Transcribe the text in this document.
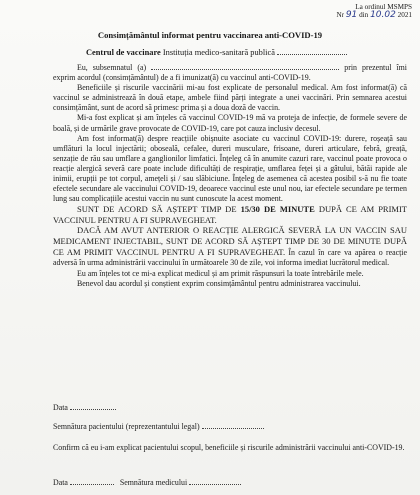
La ordinul MSMPS
Nr 91 din 10.02 2021
Consimțământul informat pentru vaccinarea anti-COVID-19
Centrul de vaccinare Instituția medico-sanitară publică

Eu, subsemnatul (a)	prin prezentul îmi exprim acordul (consimțământul) de a fi imunizat(ă) cu vaccinul anti-COVID-19.

Beneficiile și riscurile vaccinării mi-au fost explicate de personalul medical. Am fost informat(ă) că vaccinul se administrează în două etape, ambele fiind părți integrate a unei vaccinări. Prin semnarea acestui consimțământ, sunt de acord să primesc prima și a doua doză de vaccin.

Mi-a fost explicat și am înțeles că vaccinul COVID-19 mă va proteja de infecție, de formele severe de boală, și de urmările grave provocate de COVID-19, care pot cauza inclusiv decesul.

Am fost informat(ă) despre reacțiile obișnuite asociate cu vaccinul COVID-19: durere, roșeață sau umflături la locul injectării; oboseală, cefalee, dureri musculare, frisoane, dureri articulare, febră, greață, senzație de rău sau umflare a ganglionilor limfatici. Înțeleg că în anumite cazuri rare, vaccinul poate provoca o reacție alergică severă care poate include dificultăți de respirație, umflarea feței și a gâtului, bătăi rapide ale inimii, erupții pe tot corpul, amețeli și / sau slăbiciune. Înțeleg de asemenea că acestea posibil s-ă nu fie toate efectele secundare ale vaccinului COVID-19, deoarece vaccinul este unul nou, iar efectele secundare pe termen lung sau complicațiile acestui vaccin nu sunt cunoscute la acest moment.

SUNT DE ACORD SĂ AȘTEPT TIMP DE 15/30 DE MINUTE DUPĂ CE AM PRIMIT VACCINUL PENTRU A FI SUPRAVEGHEAT.

DACĂ AM AVUT ANTERIOR O REACȚIE ALERGICĂ SEVERĂ LA UN VACCIN SAU MEDICAMENT INJECTABIL, SUNT DE ACORD SĂ AȘTEPT TIMP DE 30 DE MINUTE DUPĂ CE AM PRIMIT VACCINUL PENTRU A FI SUPRAVEGHEAT. În cazul în care va apărea o reacție adversă în urma administrării vaccinului în următoarele 30 de zile, voi informa imediat lucrătorul medical.

Eu am înțeles tot ce mi-a explicat medicul și am primit răspunsuri la toate întrebările mele.

Benevol dau acordul și conștient exprim consimțământul pentru administrarea vaccinului.

Data
Semnătura pacientului (reprezentantului legal)
Confirm că eu i-am explicat pacientului scopul, beneficiile și riscurile administrării vaccinului anti-COVID-19.
Data	Semnătura medicului
